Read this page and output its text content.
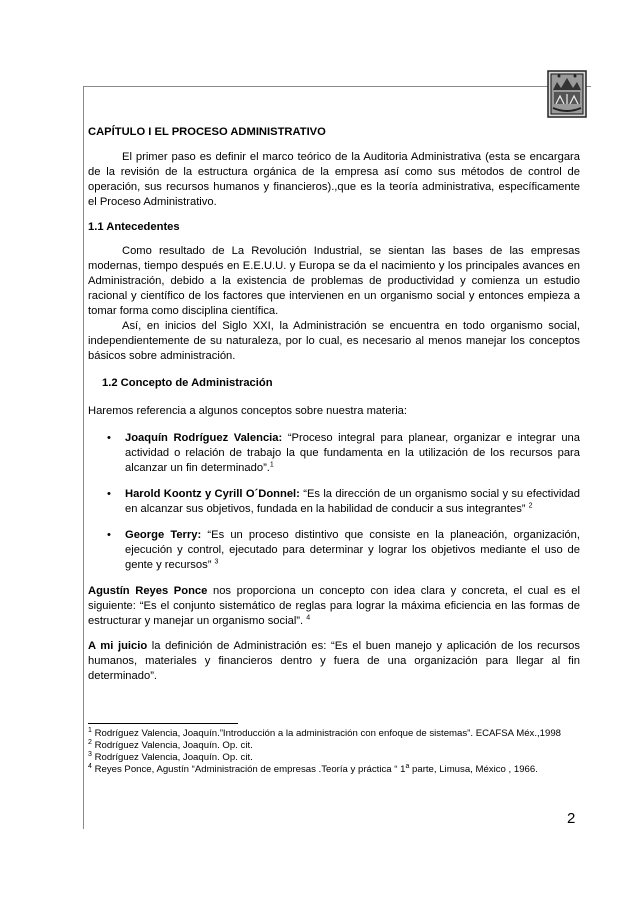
CAPÍTULO I EL PROCESO ADMINISTRATIVO

El primer paso es definir el marco teórico de la Auditoria Administrativa (esta se encargara de la revisión de la estructura orgánica de la empresa así como sus métodos de control de operación, sus recursos humanos y financieros).,que es la teoría administrativa, específicamente el Proceso Administrativo.

1.1 Antecedentes

Como resultado de La Revolución Industrial, se sientan las bases de las empresas modernas, tiempo después en E.E.U.U. y Europa se da el nacimiento y los principales avances en Administración, debido a la existencia de problemas de productividad y comienza un estudio racional y científico de los factores que intervienen en un organismo social y entonces empieza a tomar forma como disciplina científica.

Así, en inicios del Siglo XXI, la Administración se encuentra en todo organismo social, independientemente de su naturaleza, por lo cual, es necesario al menos manejar los conceptos básicos sobre administración.

1.2 Concepto de Administración

Haremos referencia a algunos conceptos sobre nuestra materia:

• Joaquín Rodríguez Valencia: “Proceso integral para planear, organizar e integrar una actividad o relación de trabajo la que fundamenta en la utilización de los recursos para alcanzar un fin determinado”.$^1$
• Harold Koontz y Cyrill O´Donnel: “Es la dirección de un organismo social y su efectividad en alcanzar sus objetivos, fundada en la habilidad de conducir a sus integrantes” $^2$
• George Terry: “Es un proceso distintivo que consiste en la planeación, organización, ejecución y control, ejecutado para determinar y lograr los objetivos mediante el uso de gente y recursos” $^3$

Agustín Reyes Ponce nos proporciona un concepto con idea clara y concreta, el cual es el siguiente: “Es el conjunto sistemático de reglas para lograr la máxima eficiencia en las formas de estructurar y manejar un organismo social”. $^4$

A mi juicio la definición de Administración es: “Es el buen manejo y aplicación de los recursos humanos, materiales y financieros dentro y fuera de una organización para llegar al fin determinado”.

$^1$ Rodríguez Valencia, Joaquín.”Introducción a la administración con enfoque de sistemas”. ECAFSA Méx.,1998

$^2$ Rodríguez Valencia, Joaquín. Op. cit.

$^3$ Rodríguez Valencia, Joaquín. Op. cit.

$^4$ Reyes Ponce, Agustín “Administración de empresas .Teoría y práctica “ 1$^a$ parte, Limusa, México , 1966.

2
